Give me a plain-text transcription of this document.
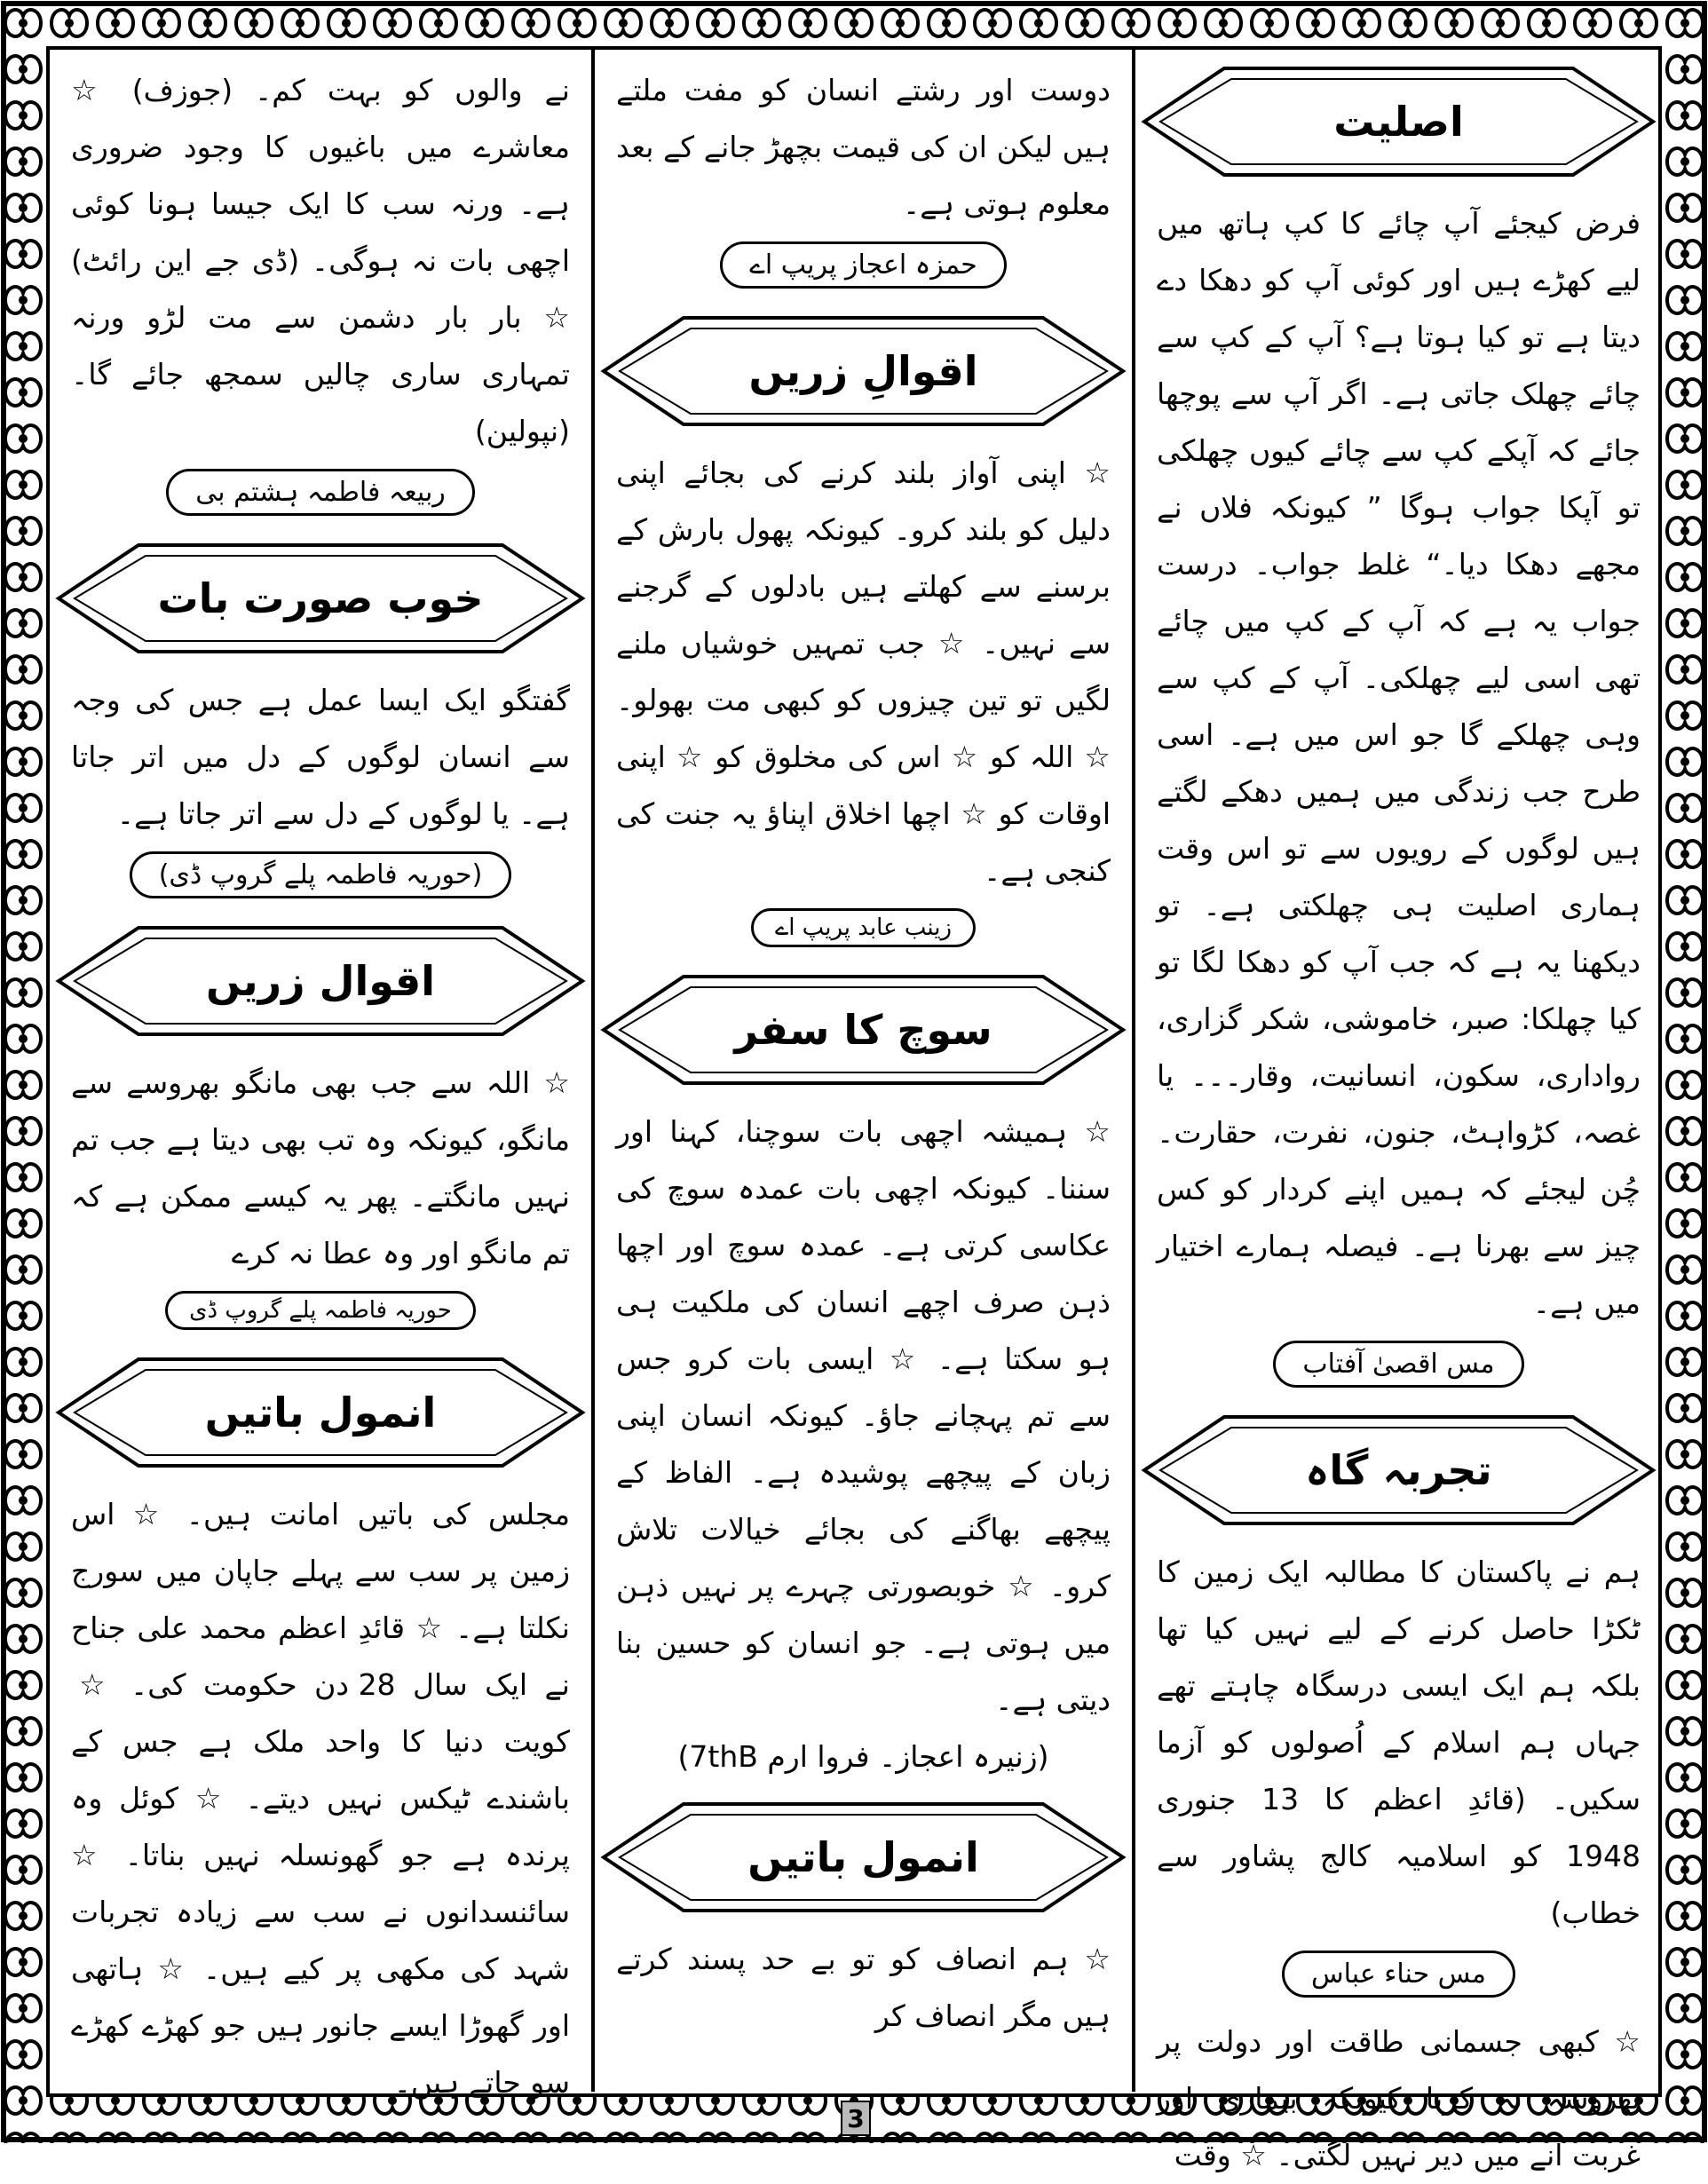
اصلیت

فرض کیجئے آپ چائے کا کپ ہاتھ میں لیے کھڑے ہیں اور کوئی آپ کو دھکا دے دیتا ہے تو کیا ہوتا ہے؟ آپ کے کپ سے چائے چھلک جاتی ہے۔ اگر آپ سے پوچھا جائے کہ آپکے کپ سے چائے کیوں چھلکی تو آپکا جواب ہوگا ” کیونکہ فلاں نے مجھے دھکا دیا۔“ غلط جواب۔ درست جواب یہ ہے کہ آپ کے کپ میں چائے تھی اسی لیے چھلکی۔ آپ کے کپ سے وہی چھلکے گا جو اس میں ہے۔ اسی طرح جب زندگی میں ہمیں دھکے لگتے ہیں لوگوں کے رویوں سے تو اس وقت ہماری اصلیت ہی چھلکتی ہے۔ تو دیکھنا یہ ہے کہ جب آپ کو دھکا لگا تو کیا چھلکا: صبر، خاموشی، شکر گزاری، رواداری، سکون، انسانیت، وقار۔۔۔ یا غصہ، کڑواہٹ، جنون، نفرت، حقارت۔ چُن لیجئے کہ ہمیں اپنے کردار کو کس چیز سے بھرنا ہے۔ فیصلہ ہمارے اختیار میں ہے۔

مس اقصیٰ آفتاب
تجربہ گاہ

ہم نے پاکستان کا مطالبہ ایک زمین کا ٹکڑا حاصل کرنے کے لیے نہیں کیا تھا بلکہ ہم ایک ایسی درسگاہ چاہتے تھے جہاں ہم اسلام کے اُصولوں کو آزما سکیں۔ (قائدِ اعظم کا 13 جنوری 1948 کو اسلامیہ کالج پشاور سے خطاب)

مس حناء عباس

☆ کبھی جسمانی طاقت اور دولت پر بھروسہ نہ کرنا کیونکہ بیماری اور غربت آنے میں دیر نہیں لگتی۔ ☆ وقت

دوست اور رشتے انسان کو مفت ملتے ہیں لیکن ان کی قیمت بچھڑ جانے کے بعد معلوم ہوتی ہے۔

حمزہ اعجاز پریپ اے
اقوالِ زریں

☆ اپنی آواز بلند کرنے کی بجائے اپنی دلیل کو بلند کرو۔ کیونکہ پھول بارش کے برسنے سے کھلتے ہیں بادلوں کے گرجنے سے نہیں۔ ☆ جب تمہیں خوشیاں ملنے لگیں تو تین چیزوں کو کبھی مت بھولو۔ ☆ اللہ کو ☆ اس کی مخلوق کو ☆ اپنی اوقات کو ☆ اچھا اخلاق اپناؤ یہ جنت کی کنجی ہے۔

زینب عابد پریپ اے
سوچ کا سفر

☆ ہمیشہ اچھی بات سوچنا، کہنا اور سننا۔ کیونکہ اچھی بات عمدہ سوچ کی عکاسی کرتی ہے۔ عمدہ سوچ اور اچھا ذہن صرف اچھے انسان کی ملکیت ہی ہو سکتا ہے۔ ☆ ایسی بات کرو جس سے تم پہچانے جاؤ۔ کیونکہ انسان اپنی زبان کے پیچھے پوشیدہ ہے۔ الفاظ کے پیچھے بھاگنے کی بجائے خیالات تلاش کرو۔ ☆ خوبصورتی چہرے پر نہیں ذہن میں ہوتی ہے۔ جو انسان کو حسین بنا دیتی ہے۔

(زنیرہ اعجاز۔ فروا ارم 7thB)

انمول باتیں

☆ ہم انصاف کو تو بے حد پسند کرتے ہیں مگر انصاف کر

نے والوں کو بہت کم۔ (جوزف) ☆ معاشرے میں باغیوں کا وجود ضروری ہے۔ ورنہ سب کا ایک جیسا ہونا کوئی اچھی بات نہ ہوگی۔ (ڈی جے این رائٹ) ☆ بار بار دشمن سے مت لڑو ورنہ تمہاری ساری چالیں سمجھ جائے گا۔ (نپولین)

ربیعہ فاطمہ ہشتم بی
خوب صورت بات

گفتگو ایک ایسا عمل ہے جس کی وجہ سے انسان لوگوں کے دل میں اتر جاتا ہے۔ یا لوگوں کے دل سے اتر جاتا ہے۔

(حوریہ فاطمہ پلے گروپ ڈی)
اقوال زریں

☆ اللہ سے جب بھی مانگو بھروسے سے مانگو، کیونکہ وہ تب بھی دیتا ہے جب تم نہیں مانگتے۔ پھر یہ کیسے ممکن ہے کہ تم مانگو اور وہ عطا نہ کرے

حوریہ فاطمہ پلے گروپ ڈی
انمول باتیں

مجلس کی باتیں امانت ہیں۔ ☆ اس زمین پر سب سے پہلے جاپان میں سورج نکلتا ہے۔ ☆ قائدِ اعظم محمد علی جناح نے ایک سال 28 دن حکومت کی۔ ☆ کویت دنیا کا واحد ملک ہے جس کے باشندے ٹیکس نہیں دیتے۔ ☆ کوئل وہ پرندہ ہے جو گھونسلہ نہیں بناتا۔ ☆ سائنسدانوں نے سب سے زیادہ تجربات شہد کی مکھی پر کیے ہیں۔ ☆ ہاتھی اور گھوڑا ایسے جانور ہیں جو کھڑے کھڑے سو جاتے ہیں۔

3
